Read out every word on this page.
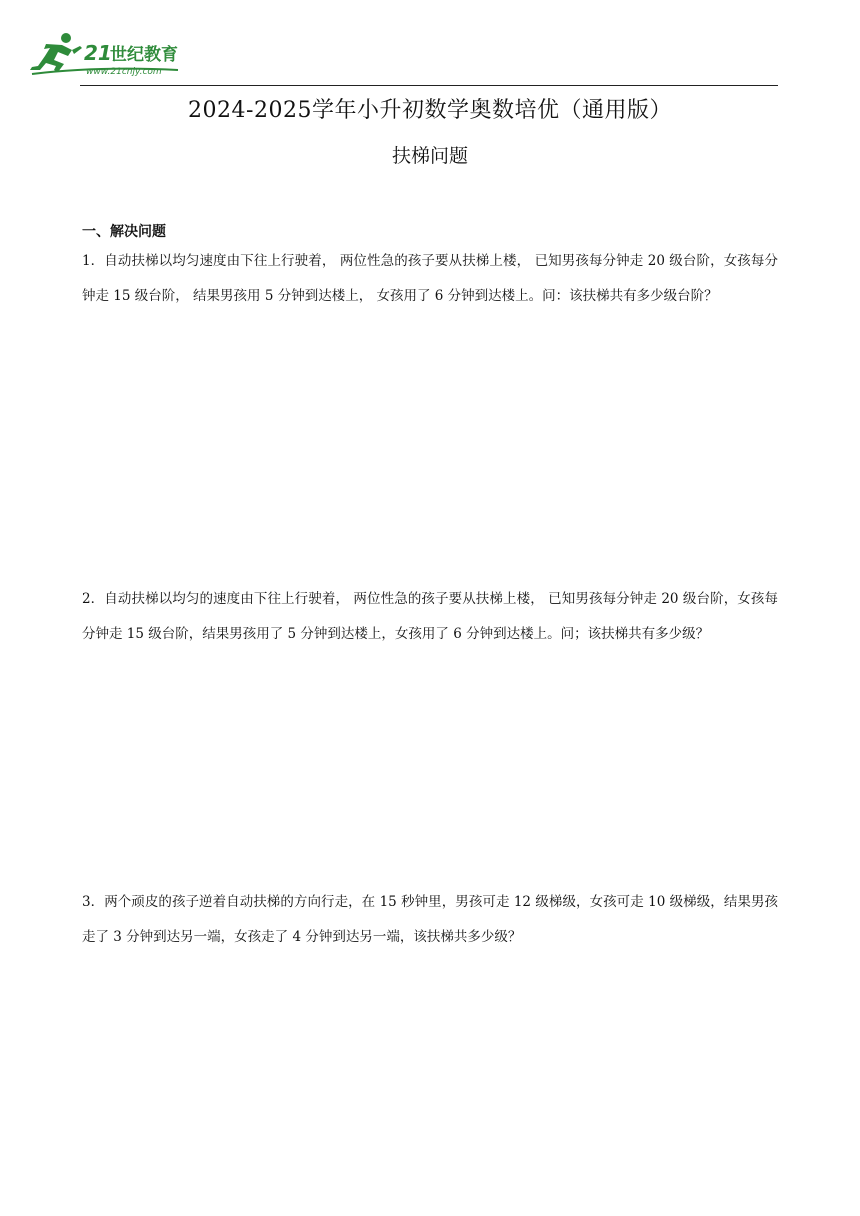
21
世纪教育
www.21cnjy.com
2024-2025学年小升初数学奥数培优（通用版）
扶梯问题
一、解决问题
1．自动扶梯以均匀速度由下往上行驶着， 两位性急的孩子要从扶梯上楼， 已知男孩每分钟走 20 级台阶，女孩每分钟走 15 级台阶， 结果男孩用 5 分钟到达楼上， 女孩用了 6 分钟到达楼上。问：该扶梯共有多少级台阶？
2．自动扶梯以均匀的速度由下往上行驶着， 两位性急的孩子要从扶梯上楼， 已知男孩每分钟走 20 级台阶，女孩每分钟走 15 级台阶，结果男孩用了 5 分钟到达楼上，女孩用了 6 分钟到达楼上。问；该扶梯共有多少级？
3．两个顽皮的孩子逆着自动扶梯的方向行走，在 15 秒钟里，男孩可走 12 级梯级，女孩可走 10 级梯级，结果男孩走了 3 分钟到达另一端，女孩走了 4 分钟到达另一端，该扶梯共多少级？
